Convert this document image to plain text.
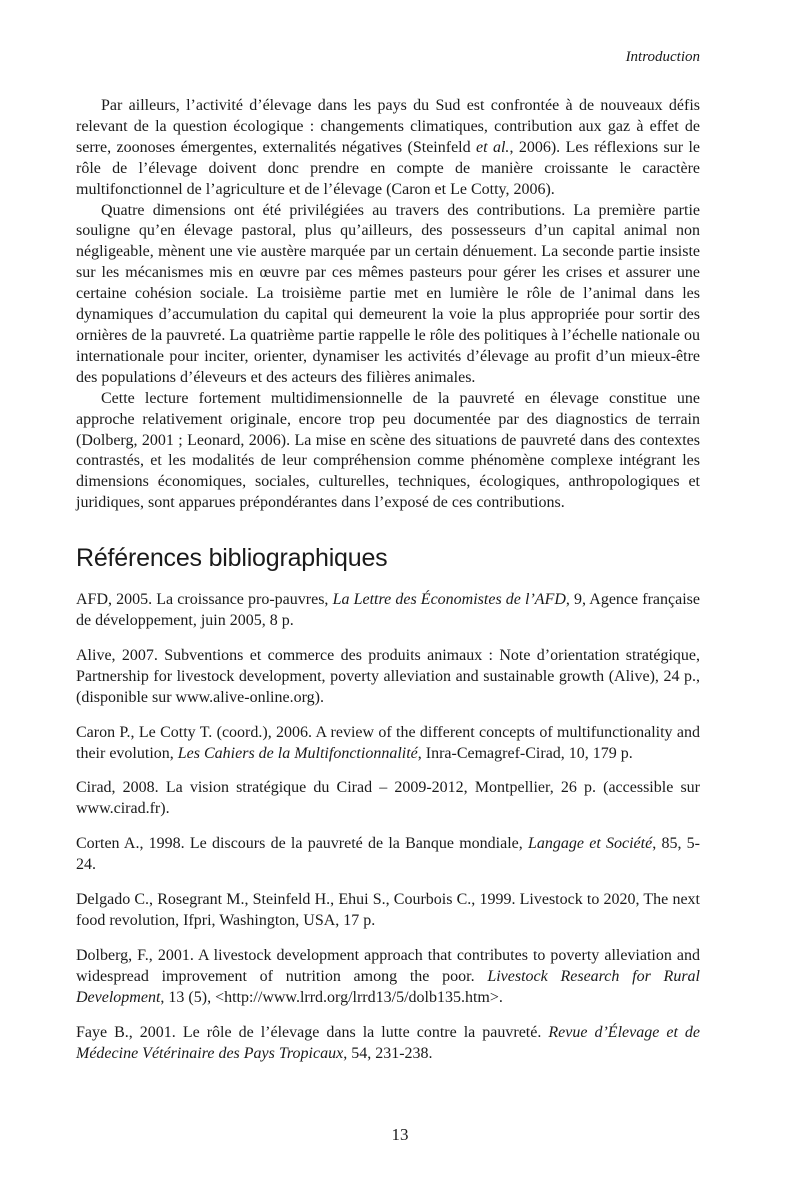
Introduction

Par ailleurs, l’activité d’élevage dans les pays du Sud est confrontée à de nouveaux défis relevant de la question écologique : changements climatiques, contribution aux gaz à effet de serre, zoonoses émergentes, externalités négatives (Steinfeld et al., 2006). Les réflexions sur le rôle de l’élevage doivent donc prendre en compte de manière croissante le caractère multifonctionnel de l’agriculture et de l’élevage (Caron et Le Cotty, 2006).

Quatre dimensions ont été privilégiées au travers des contributions. La première partie souligne qu’en élevage pastoral, plus qu’ailleurs, des possesseurs d’un capital animal non négligeable, mènent une vie austère marquée par un certain dénuement. La seconde partie insiste sur les mécanismes mis en œuvre par ces mêmes pasteurs pour gérer les crises et assurer une certaine cohésion sociale. La troisième partie met en lumière le rôle de l’animal dans les dynamiques d’accumulation du capital qui demeurent la voie la plus appropriée pour sortir des ornières de la pauvreté. La quatrième partie rappelle le rôle des politiques à l’échelle nationale ou internationale pour inciter, orienter, dynamiser les activités d’élevage au profit d’un mieux-être des populations d’éleveurs et des acteurs des filières animales.

Cette lecture fortement multidimensionnelle de la pauvreté en élevage constitue une approche relativement originale, encore trop peu documentée par des diagnostics de terrain (Dolberg, 2001 ; Leonard, 2006). La mise en scène des situations de pauvreté dans des contextes contrastés, et les modalités de leur compréhension comme phénomène complexe intégrant les dimensions économiques, sociales, culturelles, techniques, écologiques, anthropologiques et juridiques, sont apparues prépondérantes dans l’exposé de ces contributions.

Références bibliographiques

AFD, 2005. La croissance pro-pauvres, La Lettre des Économistes de l’AFD, 9, Agence française de développement, juin 2005, 8 p.

Alive, 2007. Subventions et commerce des produits animaux : Note d’orientation stratégique, Partnership for livestock development, poverty alleviation and sustainable growth (Alive), 24 p., (disponible sur www.alive-online.org).

Caron P., Le Cotty T. (coord.), 2006. A review of the different concepts of multifunctionality and their evolution, Les Cahiers de la Multifonctionnalité, Inra-Cemagref-Cirad, 10, 179 p.

Cirad, 2008. La vision stratégique du Cirad – 2009-2012, Montpellier, 26 p. (accessible sur www.cirad.fr).

Corten A., 1998. Le discours de la pauvreté de la Banque mondiale, Langage et Société, 85, 5-24.

Delgado C., Rosegrant M., Steinfeld H., Ehui S., Courbois C., 1999. Livestock to 2020, The next food revolution, Ifpri, Washington, USA, 17 p.

Dolberg, F., 2001. A livestock development approach that contributes to poverty alleviation and widespread improvement of nutrition among the poor. Livestock Research for Rural Development, 13 (5), <http://www.lrrd.org/lrrd13/5/dolb135.htm>.

Faye B., 2001. Le rôle de l’élevage dans la lutte contre la pauvreté. Revue d’Élevage et de Médecine Vétérinaire des Pays Tropicaux, 54, 231-238.

13
